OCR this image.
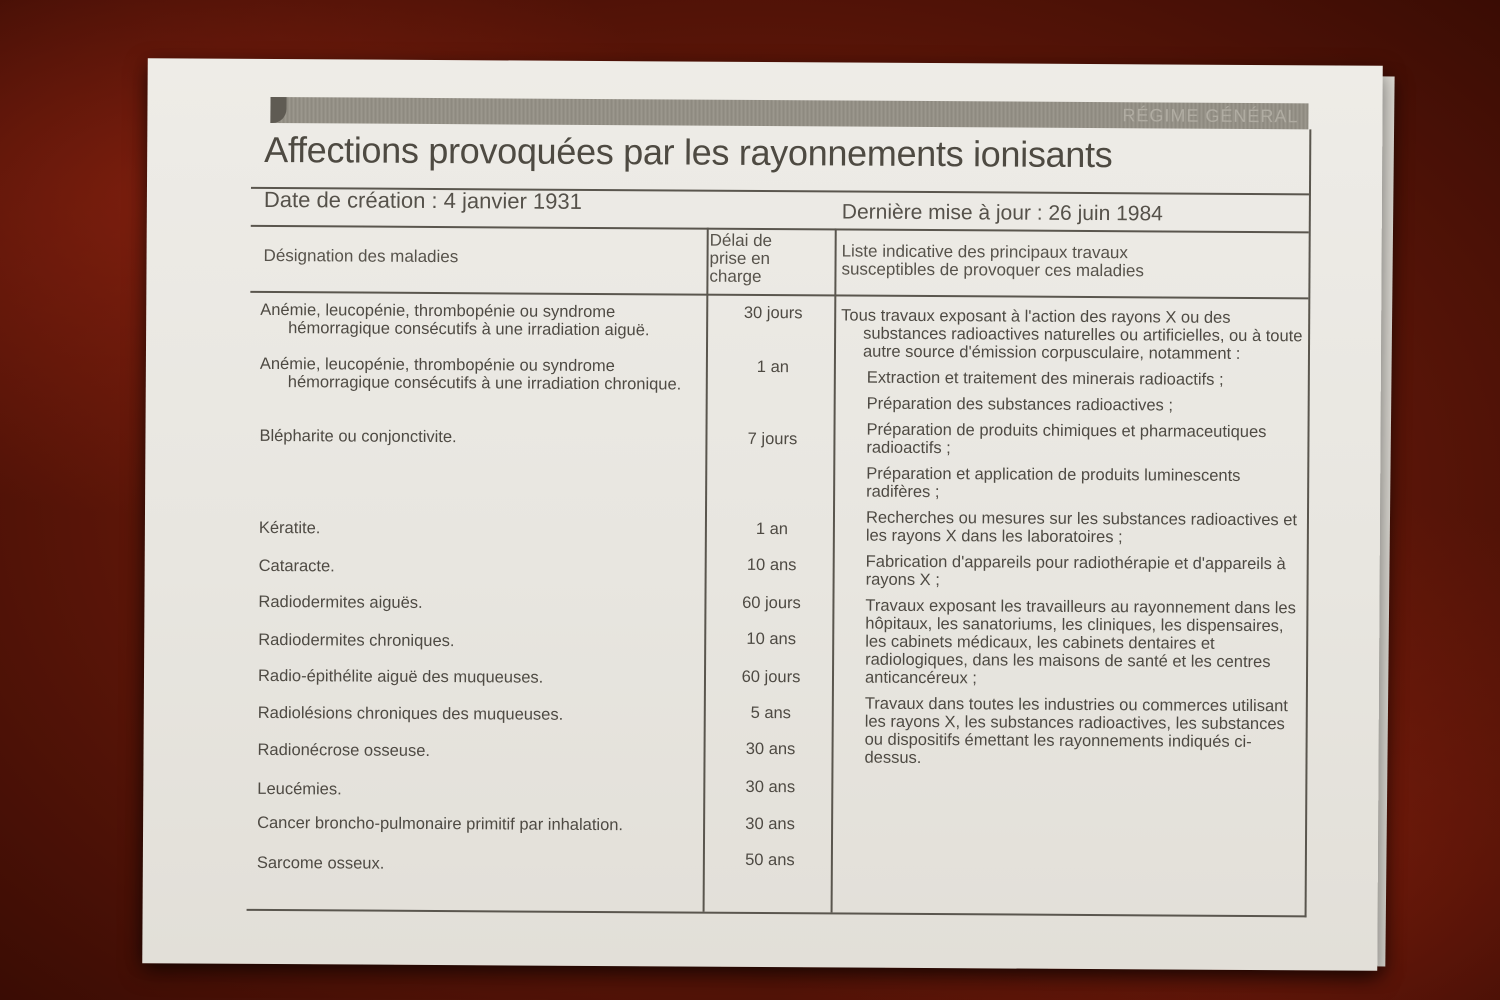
RÉGIME GÉNÉRAL
Affections provoquées par les rayonnements ionisants
Date de création : 4 janvier 1931	Dernière mise à jour : 26 juin 1984
Désignation des maladies
Délai de prise en charge
Liste indicative des principaux travaux susceptibles de provoquer ces maladies
Anémie, leucopénie, thrombopénie ou syndrome hémorragique consécutifs à une irradiation aiguë.
Anémie, leucopénie, thrombopénie ou syndrome hémorragique consécutifs à une irradiation chronique.
Blépharite ou conjonctivite.
Kératite.
Cataracte.
Radiodermites aiguës.
Radiodermites chroniques.
Radio-épithélite aiguë des muqueuses.
Radiolésions chroniques des muqueuses.
Radionécrose osseuse.
Leucémies.
Cancer broncho-pulmonaire primitif par inhalation.
Sarcome osseux.
30 jours
1 an
7 jours
1 an
10 ans
60 jours
10 ans
60 jours
5 ans
30 ans
30 ans
30 ans
50 ans

Tous travaux exposant à l'action des rayons X ou des substances radioactives naturelles ou artificielles, ou à toute autre source d'émission corpusculaire, notamment :

Extraction et traitement des minerais radioactifs ;
Préparation des substances radioactives ;
Préparation de produits chimiques et pharmaceutiques radioactifs ;
Préparation et application de produits luminescents radifères ;
Recherches ou mesures sur les substances radioactives et les rayons X dans les laboratoires ;
Fabrication d'appareils pour radiothérapie et d'appareils à rayons X ;
Travaux exposant les travailleurs au rayonnement dans les hôpitaux, les sanatoriums, les cliniques, les dispensaires, les cabinets médicaux, les cabinets dentaires et radiologiques, dans les maisons de santé et les centres anticancéreux ;
Travaux dans toutes les industries ou commerces utilisant les rayons X, les substances radioactives, les substances ou dispositifs émettant les rayonnements indiqués ci-dessus.
